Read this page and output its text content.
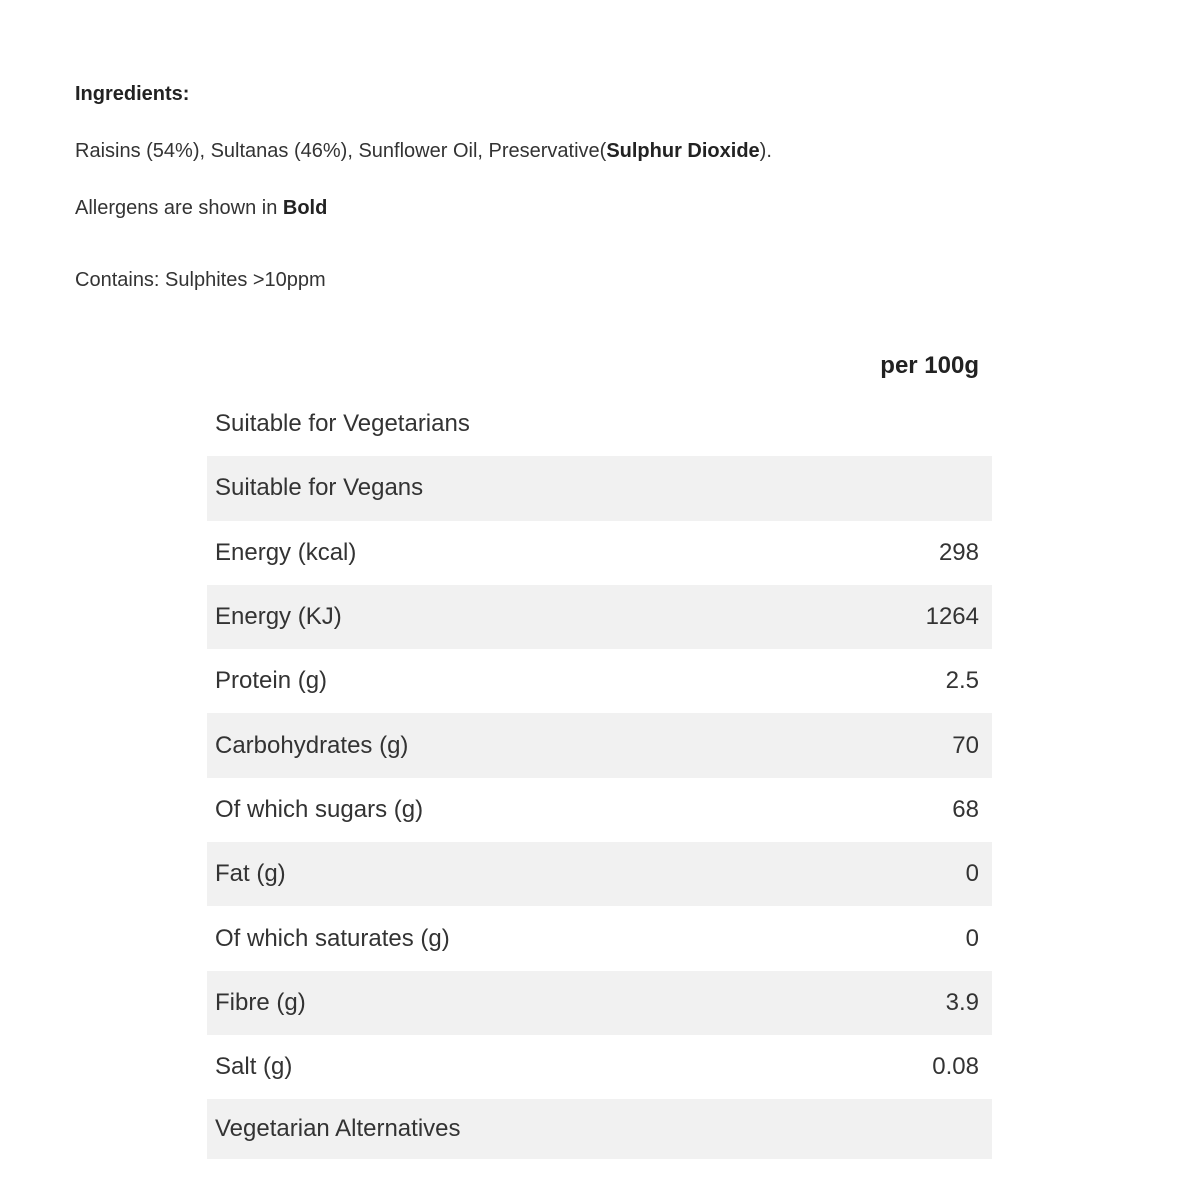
Ingredients:
Raisins (54%), Sultanas (46%), Sunflower Oil, Preservative(Sulphur Dioxide).
Allergens are shown in Bold
Contains: Sulphites >10ppm
per 100g
Suitable for Vegetarians	
Suitable for Vegans	
Energy (kcal)	298
Energy (KJ)	1264
Protein (g)	2.5
Carbohydrates (g)	70
Of which sugars (g)	68
Fat (g)	0
Of which saturates (g)	0
Fibre (g)	3.9
Salt (g)	0.08
Vegetarian Alternatives	
